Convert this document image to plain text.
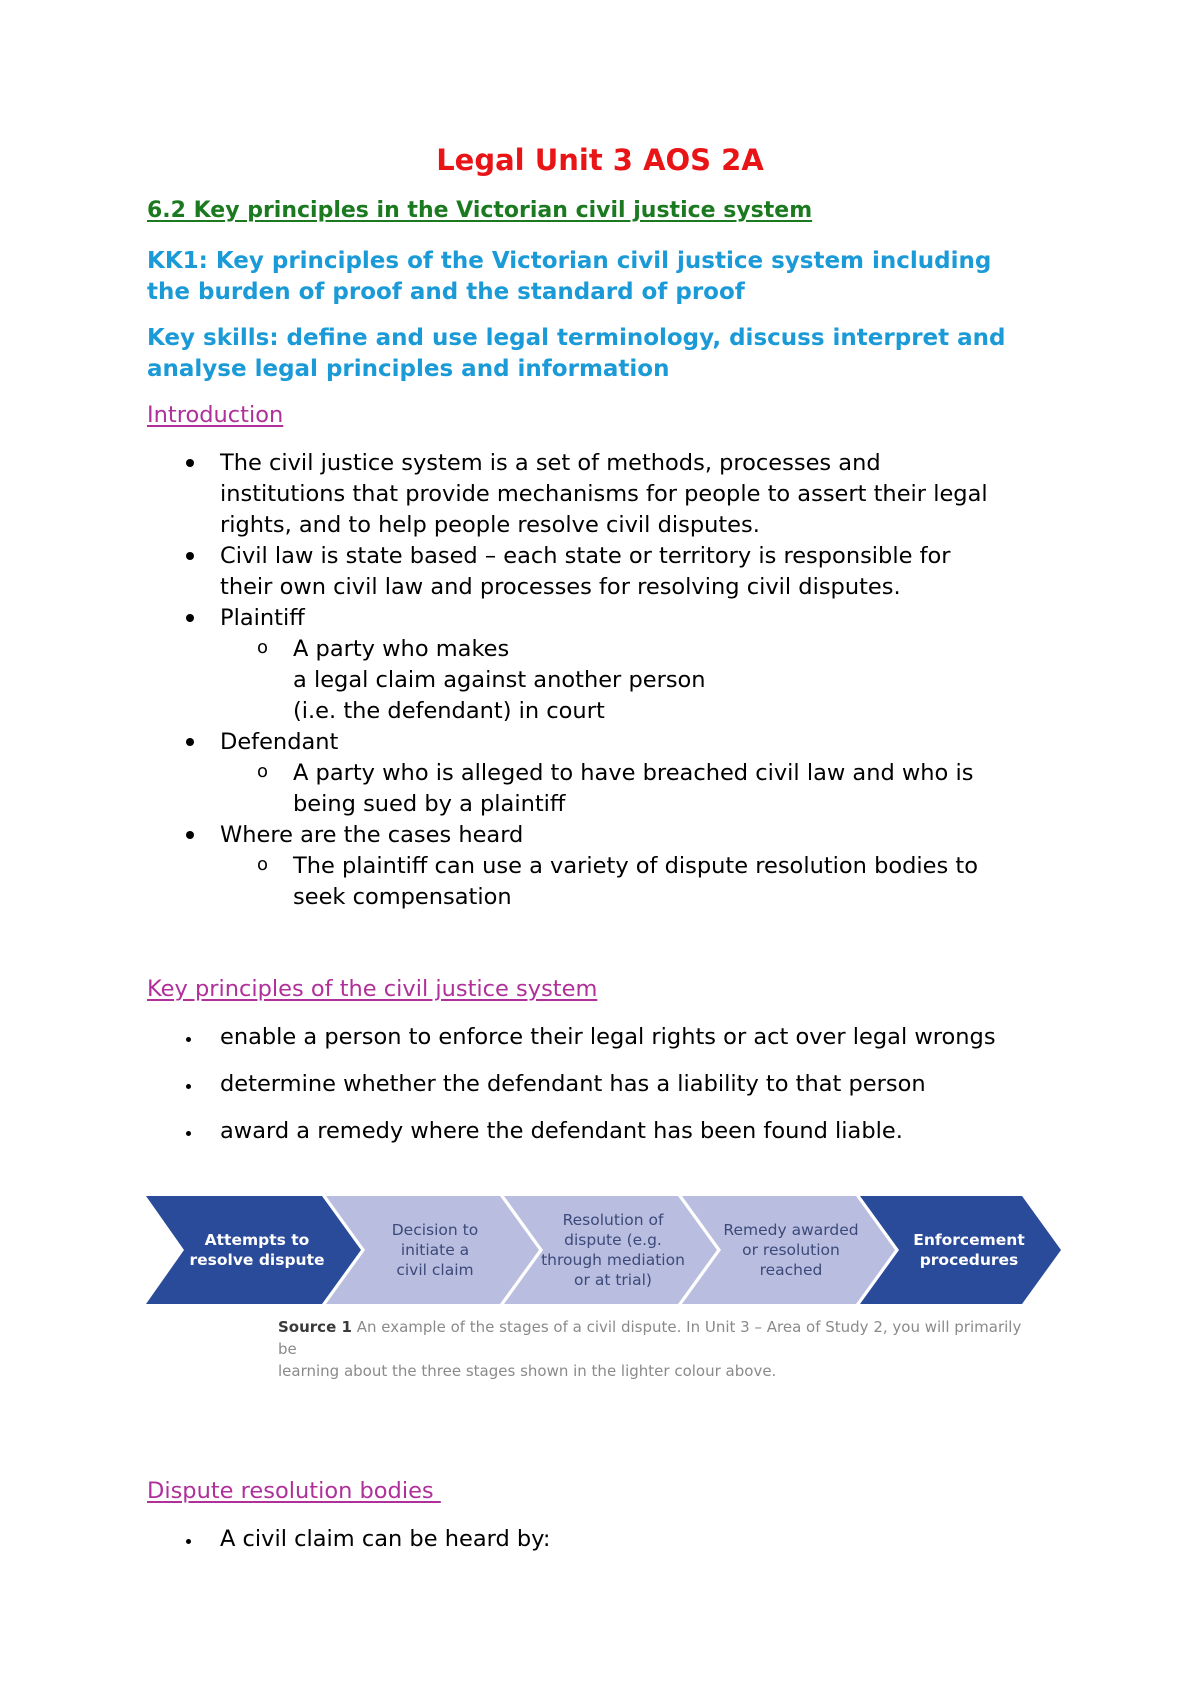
Legal Unit 3 AOS 2A
6.2 Key principles in the Victorian civil justice system
KK1: Key principles of the Victorian civil justice system including
the burden of proof and the standard of proof
Key skills: define and use legal terminology, discuss interpret and
analyse legal principles and information
Introduction

The civil justice system is a set of methods, processes and

institutions that provide mechanisms for people to assert their legal

rights, and to help people resolve civil disputes.

Civil law is state based – each state or territory is responsible for

their own civil law and processes for resolving civil disputes.

Plaintiff

o A party who makes

a legal claim against another person

(i.e. the defendant) in court

Defendant

o A party who is alleged to have breached civil law and who is

being sued by a plaintiff

Where are the cases heard

o The plaintiff can use a variety of dispute resolution bodies to

seek compensation

Key principles of the civil justice system

enable a person to enforce their legal rights or act over legal wrongs

determine whether the defendant has a liability to that person

award a remedy where the defendant has been found liable.

Attempts to
resolve dispute
Decision to
initiate a
civil claim
Resolution of
dispute (e.g.
through mediation
or at trial)
Remedy awarded
or resolution
reached
Enforcement
procedures

Source 1 An example of the stages of a civil dispute. In Unit 3 – Area of Study 2, you will primarily be
learning about the three stages shown in the lighter colour above.

Dispute resolution bodies

A civil claim can be heard by:
